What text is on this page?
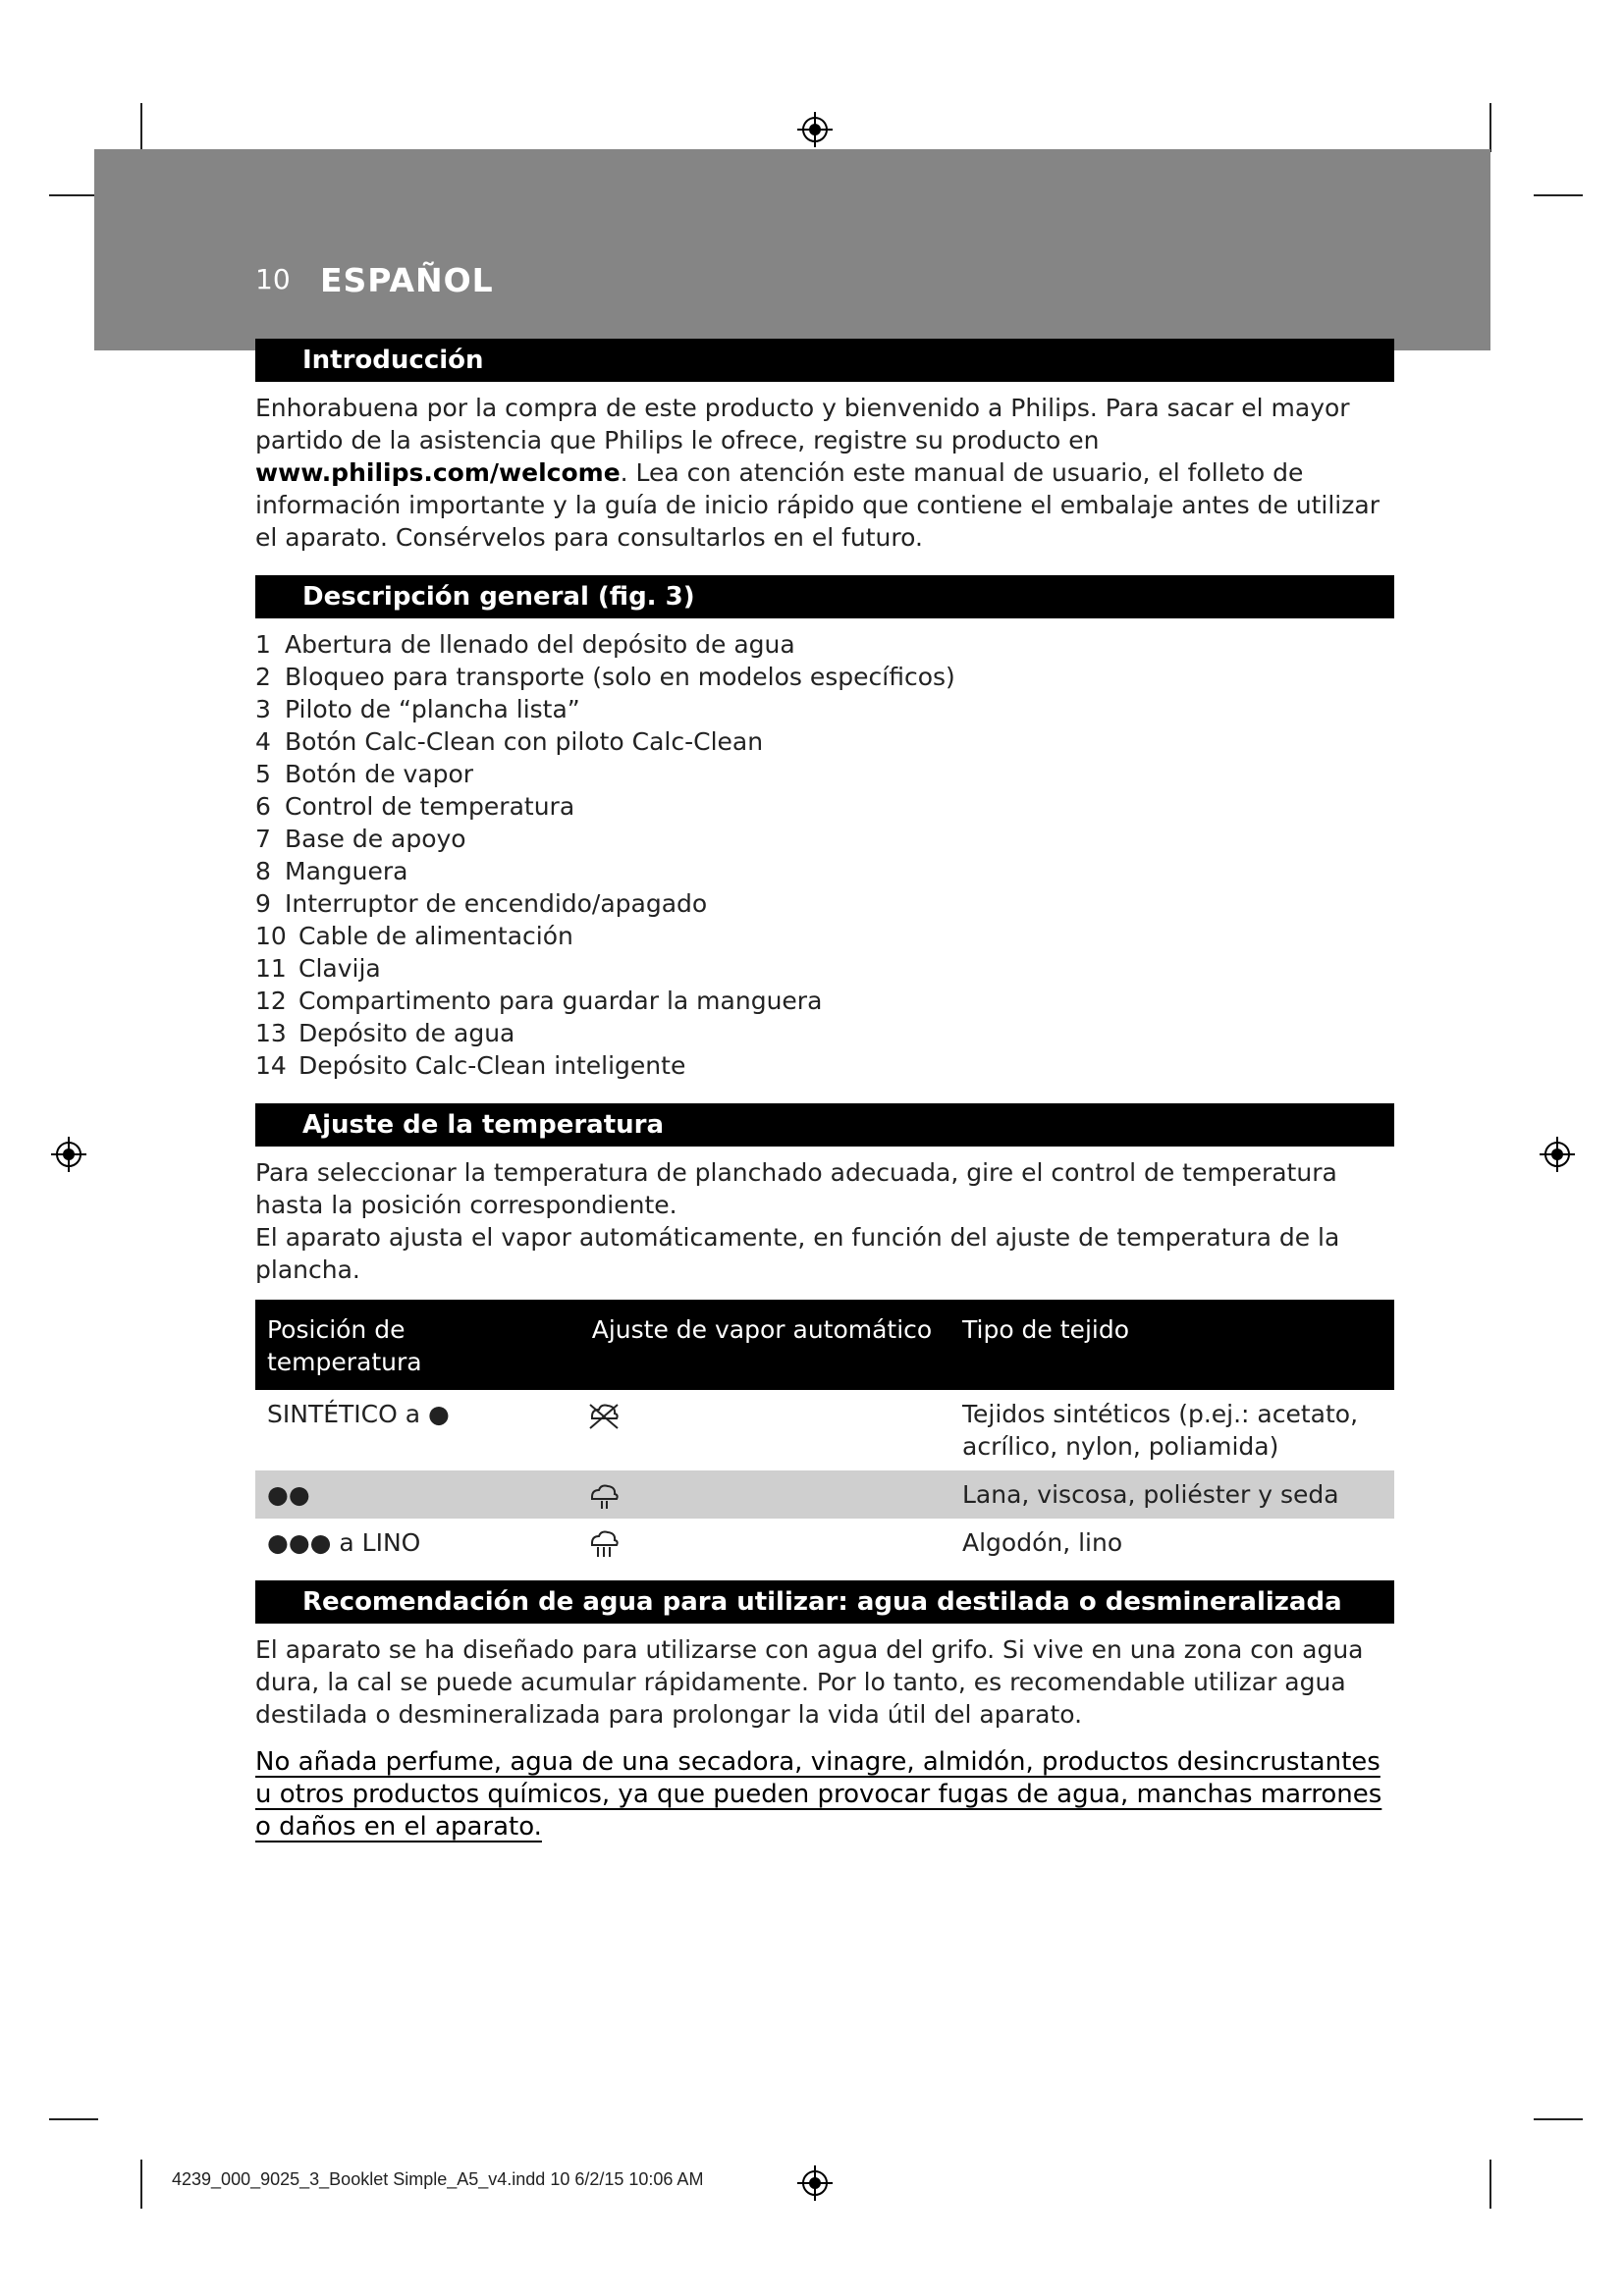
10 ESPAÑOL
Introducción

Enhorabuena por la compra de este producto y bienvenido a Philips. Para sacar el mayor partido de la asistencia que Philips le ofrece, registre su producto en www.philips.com/welcome. Lea con atención este manual de usuario, el folleto de información importante y la guía de inicio rápido que contiene el embalaje antes de utilizar el aparato. Consérvelos para consultarlos en el futuro.

Descripción general (fig. 3)
1 Abertura de llenado del depósito de agua
2 Bloqueo para transporte (solo en modelos específicos)
3 Piloto de “plancha lista”
4 Botón Calc-Clean con piloto Calc-Clean
5 Botón de vapor
6 Control de temperatura
7 Base de apoyo
8 Manguera
9 Interruptor de encendido/apagado
10 Cable de alimentación
11 Clavija
12 Compartimento para guardar la manguera
13 Depósito de agua
14 Depósito Calc-Clean inteligente
Ajuste de la temperatura

Para seleccionar la temperatura de planchado adecuada, gire el control de temperatura hasta la posición correspondiente.

El aparato ajusta el vapor automáticamente, en función del ajuste de temperatura de la plancha.

Posición de temperatura	Ajuste de vapor automático	Tipo de tejido
SINTÉTICO a ●		Tejidos sintéticos (p.ej.: acetato, acrílico, nylon, poliamida)
●●		Lana, viscosa, poliéster y seda
●●● a LINO		Algodón, lino
Recomendación de agua para utilizar: agua destilada o desmineralizada

El aparato se ha diseñado para utilizarse con agua del grifo. Si vive en una zona con agua dura, la cal se puede acumular rápidamente. Por lo tanto, es recomendable utilizar agua destilada o desmineralizada para prolongar la vida útil del aparato.

No añada perfume, agua de una secadora, vinagre, almidón, productos desincrustantes u otros productos químicos, ya que pueden provocar fugas de agua, manchas marrones o daños en el aparato.

4239_000_9025_3_Booklet Simple_A5_v4.indd 10 6/2/15 10:06 AM
